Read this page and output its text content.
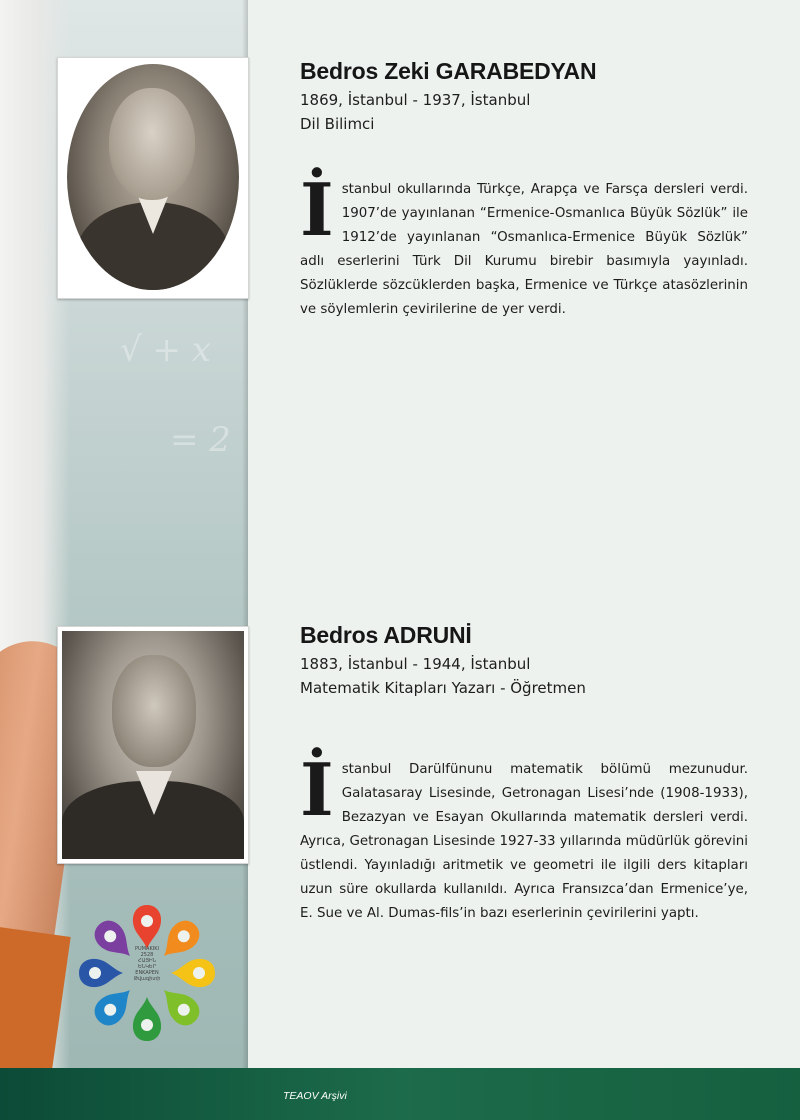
√ + x
= 2
Bedros Zeki GARABEDYAN
1869, İstanbul - 1937, İstanbul
Dil Bilimci
İstanbul okullarında Türkçe, Arapça ve Farsça dersleri verdi. 1907’de yayınlanan “Ermenice-Osmanlıca Büyük Sözlük” ile 1912’de yayınlanan “Osmanlıca-Ermenice Büyük Sözlük” adlı eserlerini Türk Dil Kurumu birebir basımıyla yayınladı. Sözlüklerde sözcüklerden başka, Ermenice ve Türkçe atasözlerinin ve söylemlerin çevirilerine de yer verdi.
Bedros ADRUNİ
1883, İstanbul - 1944, İstanbul
Matematik Kitapları Yazarı - Öğretmen
İstanbul Darülfünunu matematik bölümü mezunudur. Galatasaray Lisesinde, Getronagan Lisesi’nde (1908-1933), Bezazyan ve Esayan Okullarında matematik dersleri verdi. Ayrıca, Getronagan Lisesinde 1927-33 yıllarında müdürlük görevini üstlendi. Yayınladığı aritmetik ve geometri ile ilgili ders kitapları uzun süre okullarda kullanıldı. Ayrıca Fransızca’dan Ermenice’ye, E. Sue ve Al. Dumas-fils’in bazı eserlerinin çevirilerini yaptı.
PUMAKIKI
2528
ՀԱՅԻՆ
ԵՆԿԵՐ
ENKAPEN
Թվագիտի
TEAOV Arşivi
